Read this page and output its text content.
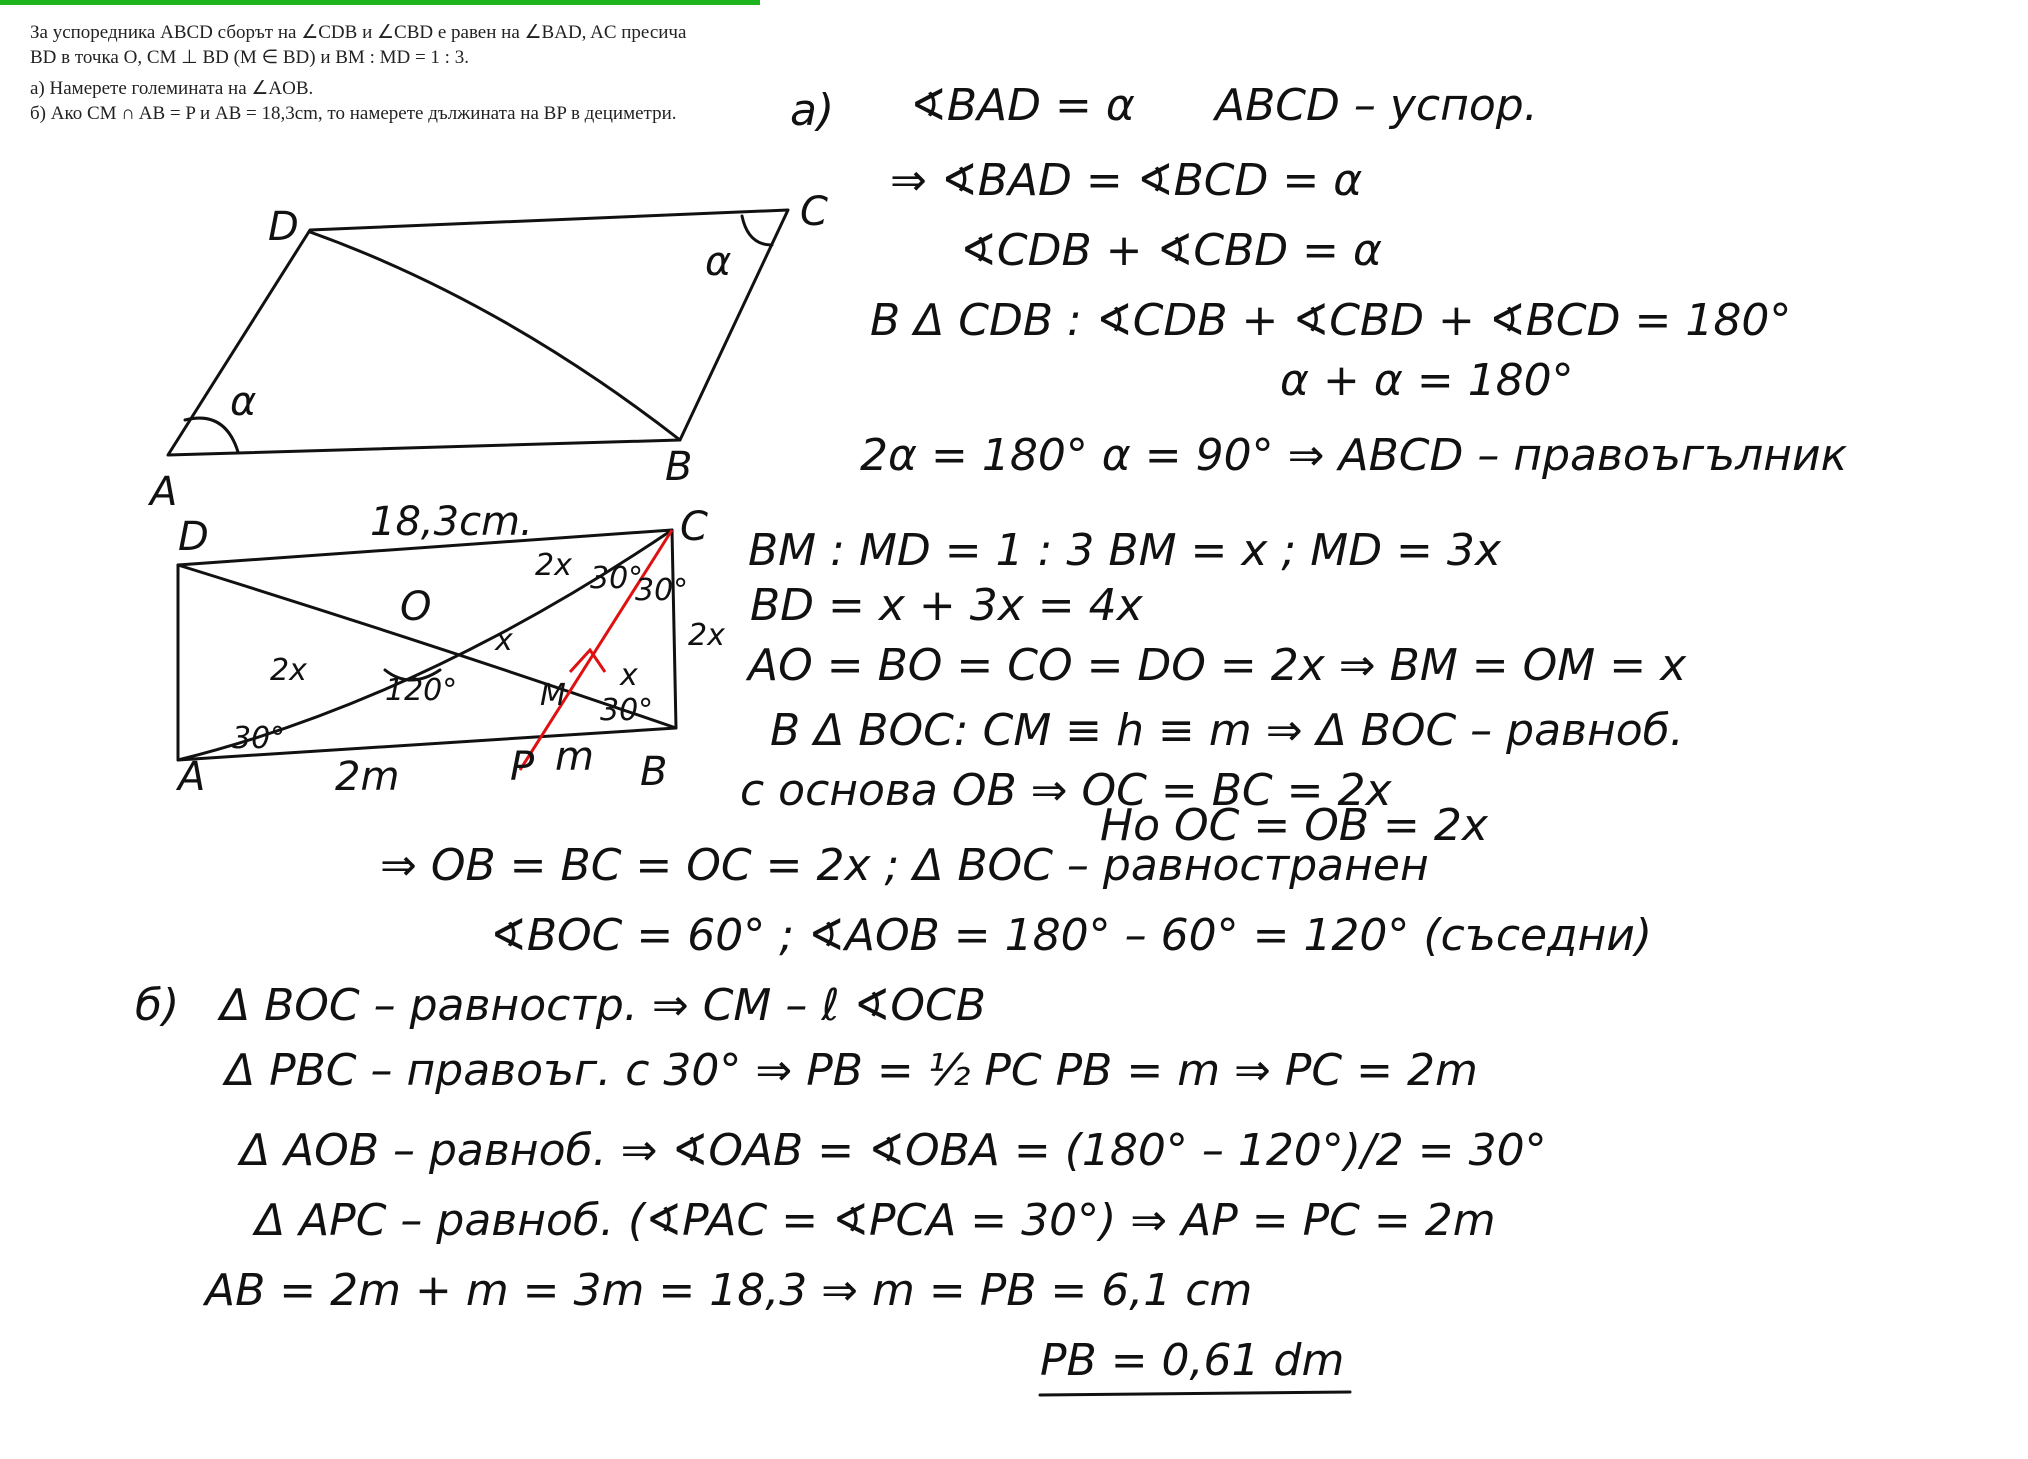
За успоредника ABCD сборът на ∠CDB и ∠CBD е равен на ∠BAD, AC пресича

BD в точка O, CM ⊥ BD (M ∈ BD) и BM : MD = 1 : 3.

а) Намерете големината на ∠AOB.

б) Ако CM ∩ AB = P и AB = 18,3cm, то намерете дължината на BP в дециметри.

A
B
C
D
α
α
A	B
C
D
O
M
P
18,3cm.
2x
2x
x
x
2x
120°
30°
30°
30°
30°
2m	m
а) ∢BAD = α ABCD – успор.
⇒ ∢BAD = ∢BCD = α
∢CDB + ∢CBD = α
В Δ CDB : ∢CDB + ∢CBD + ∢BCD = 180°
α + α = 180°
2α = 180° α = 90° ⇒ ABCD – правоъгълник
BM : MD = 1 : 3 BM = x ; MD = 3x
BD = x + 3x = 4x
AO = BO = CO = DO = 2x ⇒ BM = OM = x
В Δ BOC: CM ≡ h ≡ m ⇒ Δ BOC – равноб.
с основа OB ⇒ OC = BC = 2x
Но OC = OB = 2x
⇒ OB = BC = OC = 2x ; Δ BOC – равностранен
∢BOC = 60° ; ∢AOB = 180° – 60° = 120° (съседни)
б) Δ BOC – равностр. ⇒ CM – ℓ ∢OCB
Δ PBC – правоъг. с 30° ⇒ PB = ½ PC PB = m ⇒ PC = 2m
Δ AOB – равноб. ⇒ ∢OAB = ∢OBA = (180° – 120°)/2 = 30°
Δ APC – равноб. (∢PAC = ∢PCA = 30°) ⇒ AP = PC = 2m
AB = 2m + m = 3m = 18,3 ⇒ m = PB = 6,1 cm
PB = 0,61 dm
